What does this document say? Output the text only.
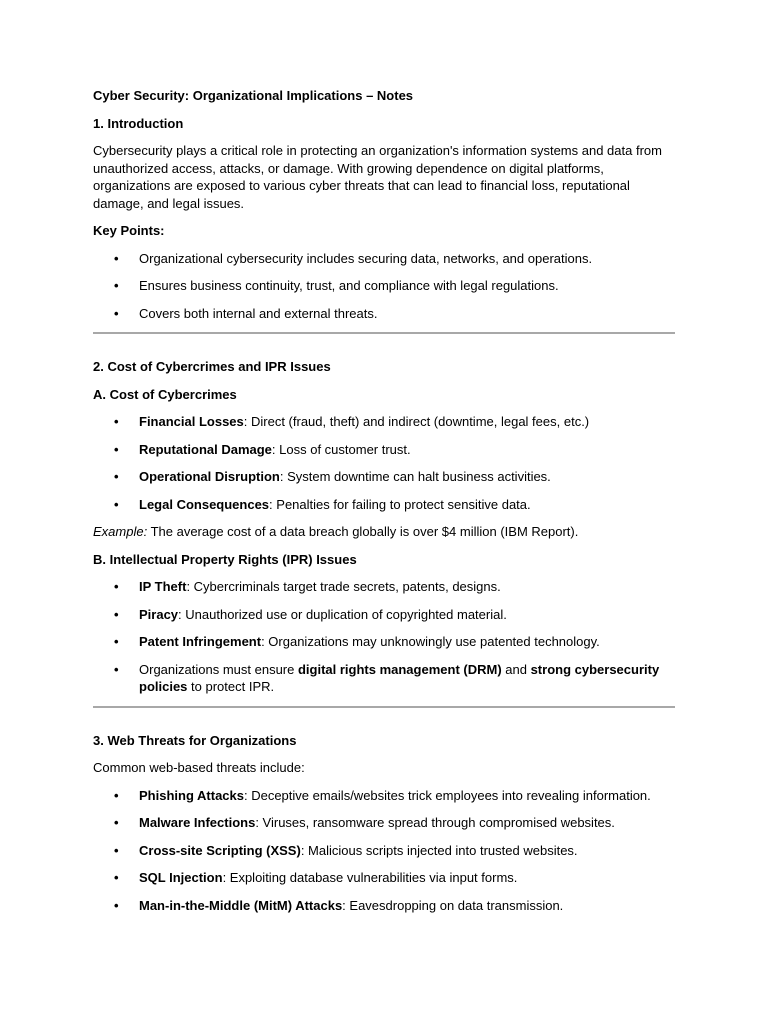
Cyber Security: Organizational Implications – Notes

1. Introduction

Cybersecurity plays a critical role in protecting an organization's information systems and data from unauthorized access, attacks, or damage. With growing dependence on digital platforms, organizations are exposed to various cyber threats that can lead to financial loss, reputational damage, and legal issues.

Key Points:

• Organizational cybersecurity includes securing data, networks, and operations.
• Ensures business continuity, trust, and compliance with legal regulations.
• Covers both internal and external threats.

2. Cost of Cybercrimes and IPR Issues

A. Cost of Cybercrimes

• Financial Losses: Direct (fraud, theft) and indirect (downtime, legal fees, etc.)
• Reputational Damage: Loss of customer trust.
• Operational Disruption: System downtime can halt business activities.
• Legal Consequences: Penalties for failing to protect sensitive data.

Example: The average cost of a data breach globally is over $4 million (IBM Report).

B. Intellectual Property Rights (IPR) Issues

• IP Theft: Cybercriminals target trade secrets, patents, designs.
• Piracy: Unauthorized use or duplication of copyrighted material.
• Patent Infringement: Organizations may unknowingly use patented technology.
• Organizations must ensure digital rights management (DRM) and strong cybersecurity policies to protect IPR.

3. Web Threats for Organizations

Common web-based threats include:

• Phishing Attacks: Deceptive emails/websites trick employees into revealing information.
• Malware Infections: Viruses, ransomware spread through compromised websites.
• Cross-site Scripting (XSS): Malicious scripts injected into trusted websites.
• SQL Injection: Exploiting database vulnerabilities via input forms.
• Man-in-the-Middle (MitM) Attacks: Eavesdropping on data transmission.
